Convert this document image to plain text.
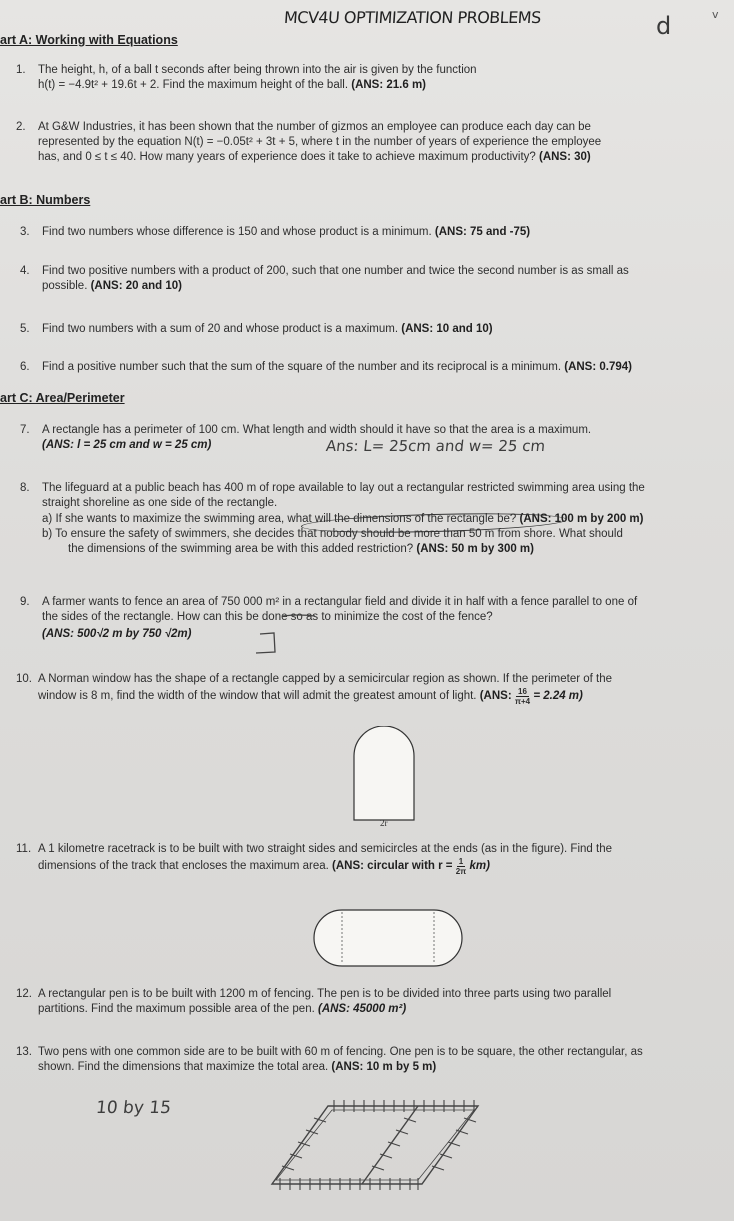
MCV4U OPTIMIZATION PROBLEMS	d	v
art A: Working with Equations
1. The height, h, of a ball t seconds after being thrown into the air is given by the function
h(t) = −4.9t² + 19.6t + 2. Find the maximum height of the ball. (ANS: 21.6 m)
2. At G&W Industries, it has been shown that the number of gizmos an employee can produce each day can be
represented by the equation N(t) = −0.05t² + 3t + 5, where t in the number of years of experience the employee
has, and 0 ≤ t ≤ 40. How many years of experience does it take to achieve maximum productivity? (ANS: 30)
art B: Numbers
3. Find two numbers whose difference is 150 and whose product is a minimum. (ANS: 75 and -75)
4. Find two positive numbers with a product of 200, such that one number and twice the second number is as small as
possible. (ANS: 20 and 10)
5. Find two numbers with a sum of 20 and whose product is a maximum. (ANS: 10 and 10)
6. Find a positive number such that the sum of the square of the number and its reciprocal is a minimum. (ANS: 0.794)
art C: Area/Perimeter
7. A rectangle has a perimeter of 100 cm. What length and width should it have so that the area is a maximum.
(ANS: l = 25 cm and w = 25 cm)	Ans: L= 25cm and w= 25 cm
8. The lifeguard at a public beach has 400 m of rope available to lay out a rectangular restricted swimming area using the
straight shoreline as one side of the rectangle.
a) If she wants to maximize the swimming area, what will the dimensions of the rectangle be? (ANS: 100 m by 200 m)
b) To ensure the safety of swimmers, she decides that nobody should be more than 50 m from shore. What should
the dimensions of the swimming area be with this added restriction? (ANS: 50 m by 300 m)
9. A farmer wants to fence an area of 750 000 m² in a rectangular field and divide it in half with a fence parallel to one of
the sides of the rectangle. How can this be done so as to minimize the cost of the fence?
(ANS: 500√2 m by 750 √2m)
10. A Norman window has the shape of a rectangle capped by a semicircular region as shown. If the perimeter of the
window is 8 m, find the width of the window that will admit the greatest amount of light.
(ANS:
$\frac{16}{\pi+4}$
= 2.24 m)
2r
11. A 1 kilometre racetrack is to be built with two straight sides and semicircles at the ends (as in the figure). Find the
dimensions of the track that encloses the maximum area.
(ANS: circular with r =
$\frac{1}{2\pi}$
km)
12. A rectangular pen is to be built with 1200 m of fencing. The pen is to be divided into three parts using two parallel
partitions. Find the maximum possible area of the pen. (ANS: 45000 m²)
13. Two pens with one common side are to be built with 60 m of fencing. One pen is to be square, the other rectangular, as
shown. Find the dimensions that maximize the total area. (ANS: 10 m by 5 m)
10 by 15
